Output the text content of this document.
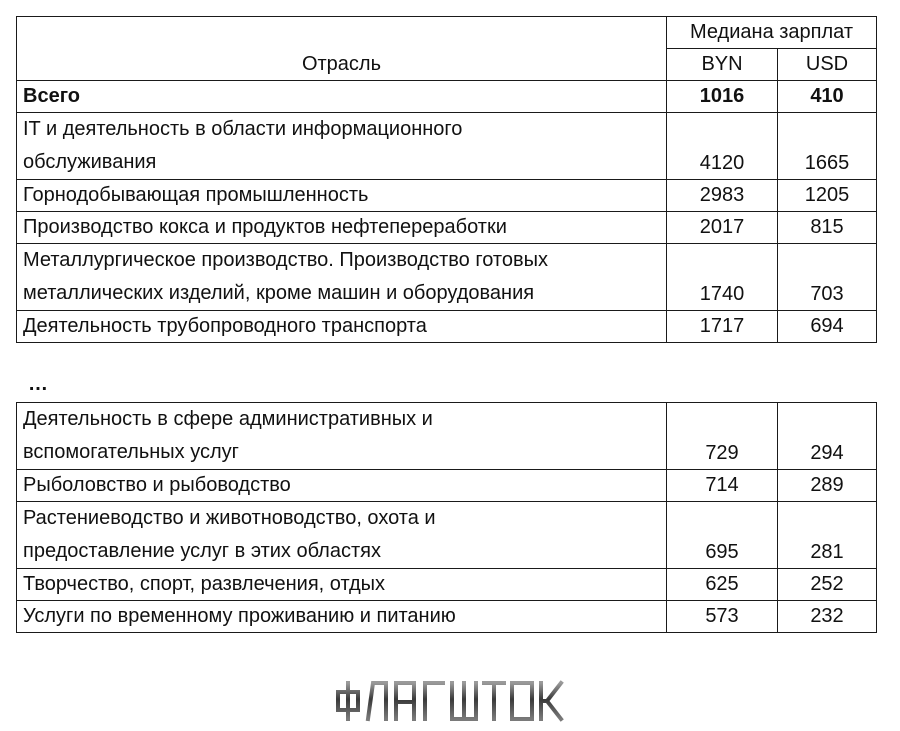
Отрасль	Медиана зарплат	
	BYN	USD
Всего	1016	410
IT и деятельность в области информационного
обслуживания	4120	1665
Горнодобывающая промышленность	2983	1205
Производство кокса и продуктов нефтепереработки	2017	815
Металлургическое производство. Производство готовых
металлических изделий, кроме машин и оборудования	1740	703
Деятельность трубопроводного транспорта	1717	694
…
Деятельность в сфере административных и
вспомогательных услуг	729	294
Рыболовство и рыбоводство	714	289
Растениеводство и животноводство, охота и
предоставление услуг в этих областях	695	281
Творчество, спорт, развлечения, отдых	625	252
Услуги по временному проживанию и питанию	573	232
